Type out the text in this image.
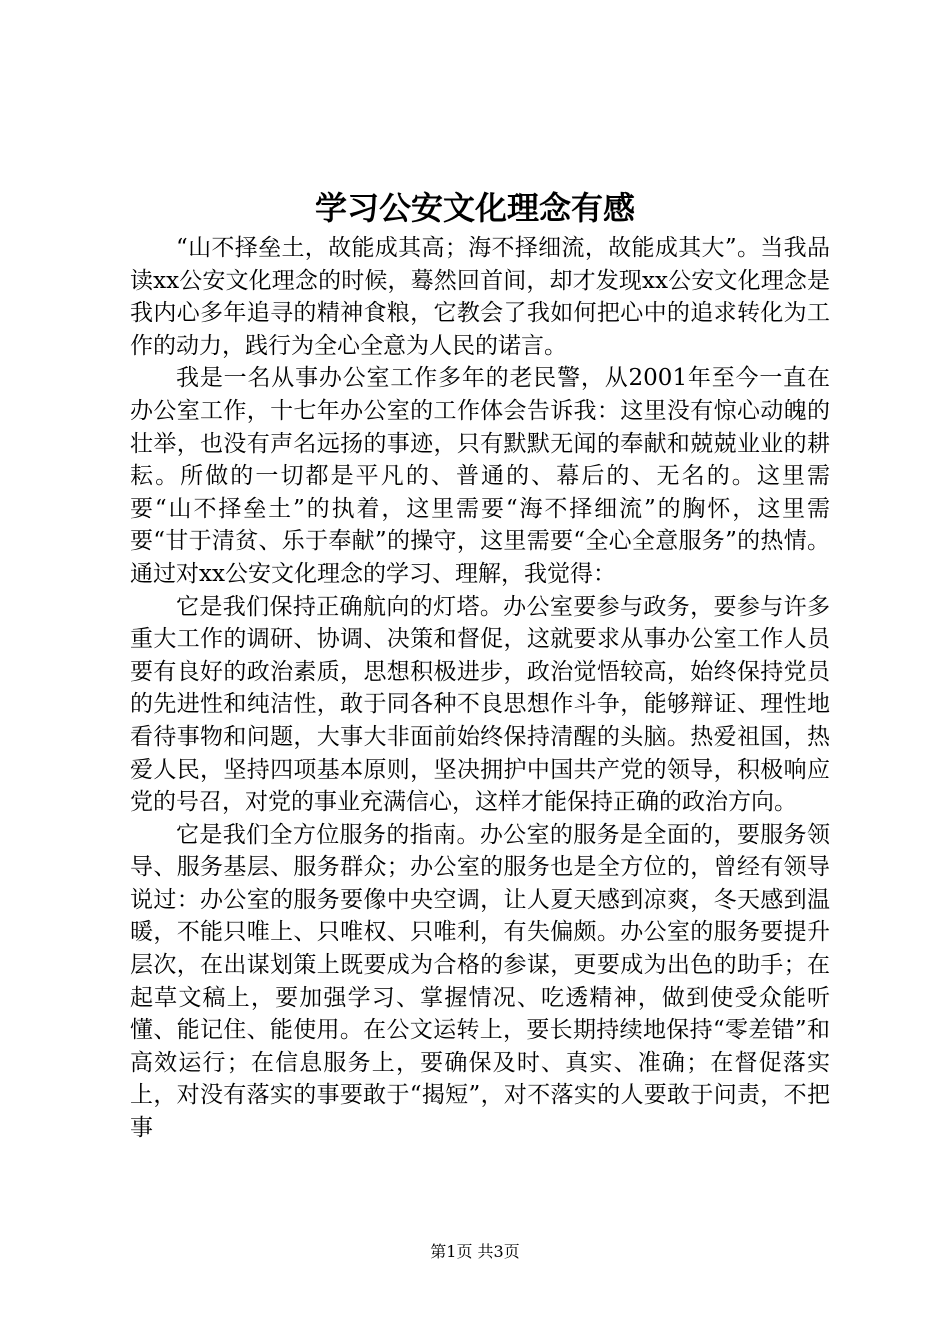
学习公安文化理念有感

“山不择垒土，故能成其高；海不择细流，故能成其大”。当我品读xx公安文化理念的时候，蓦然回首间，却才发现xx公安文化理念是我内心多年追寻的精神食粮，它教会了我如何把心中的追求转化为工作的动力，践行为全心全意为人民的诺言。

我是一名从事办公室工作多年的老民警，从2001年至今一直在办公室工作，十七年办公室的工作体会告诉我：这里没有惊心动魄的壮举，也没有声名远扬的事迹，只有默默无闻的奉献和兢兢业业的耕耘。所做的一切都是平凡的、普通的、幕后的、无名的。这里需要“山不择垒土”的执着，这里需要“海不择细流”的胸怀，这里需要“甘于清贫、乐于奉献”的操守，这里需要“全心全意服务”的热情。通过对xx公安文化理念的学习、理解，我觉得：

它是我们保持正确航向的灯塔。办公室要参与政务，要参与许多重大工作的调研、协调、决策和督促，这就要求从事办公室工作人员要有良好的政治素质，思想积极进步，政治觉悟较高，始终保持党员的先进性和纯洁性，敢于同各种不良思想作斗争，能够辩证、理性地看待事物和问题，大事大非面前始终保持清醒的头脑。热爱祖国，热爱人民，坚持四项基本原则，坚决拥护中国共产党的领导，积极响应党的号召，对党的事业充满信心，这样才能保持正确的政治方向。

它是我们全方位服务的指南。办公室的服务是全面的，要服务领导、服务基层、服务群众；办公室的服务也是全方位的，曾经有领导说过：办公室的服务要像中央空调，让人夏天感到凉爽，冬天感到温暖，不能只唯上、只唯权、只唯利，有失偏颇。办公室的服务要提升层次，在出谋划策上既要成为合格的参谋，更要成为出色的助手；在起草文稿上，要加强学习、掌握情况、吃透精神，做到使受众能听懂、能记住、能使用。在公文运转上，要长期持续地保持“零差错”和高效运行；在信息服务上，要确保及时、真实、准确；在督促落实上，对没有落实的事要敢于“揭短”，对不落实的人要敢于问责，不把事

第1页 共3页
